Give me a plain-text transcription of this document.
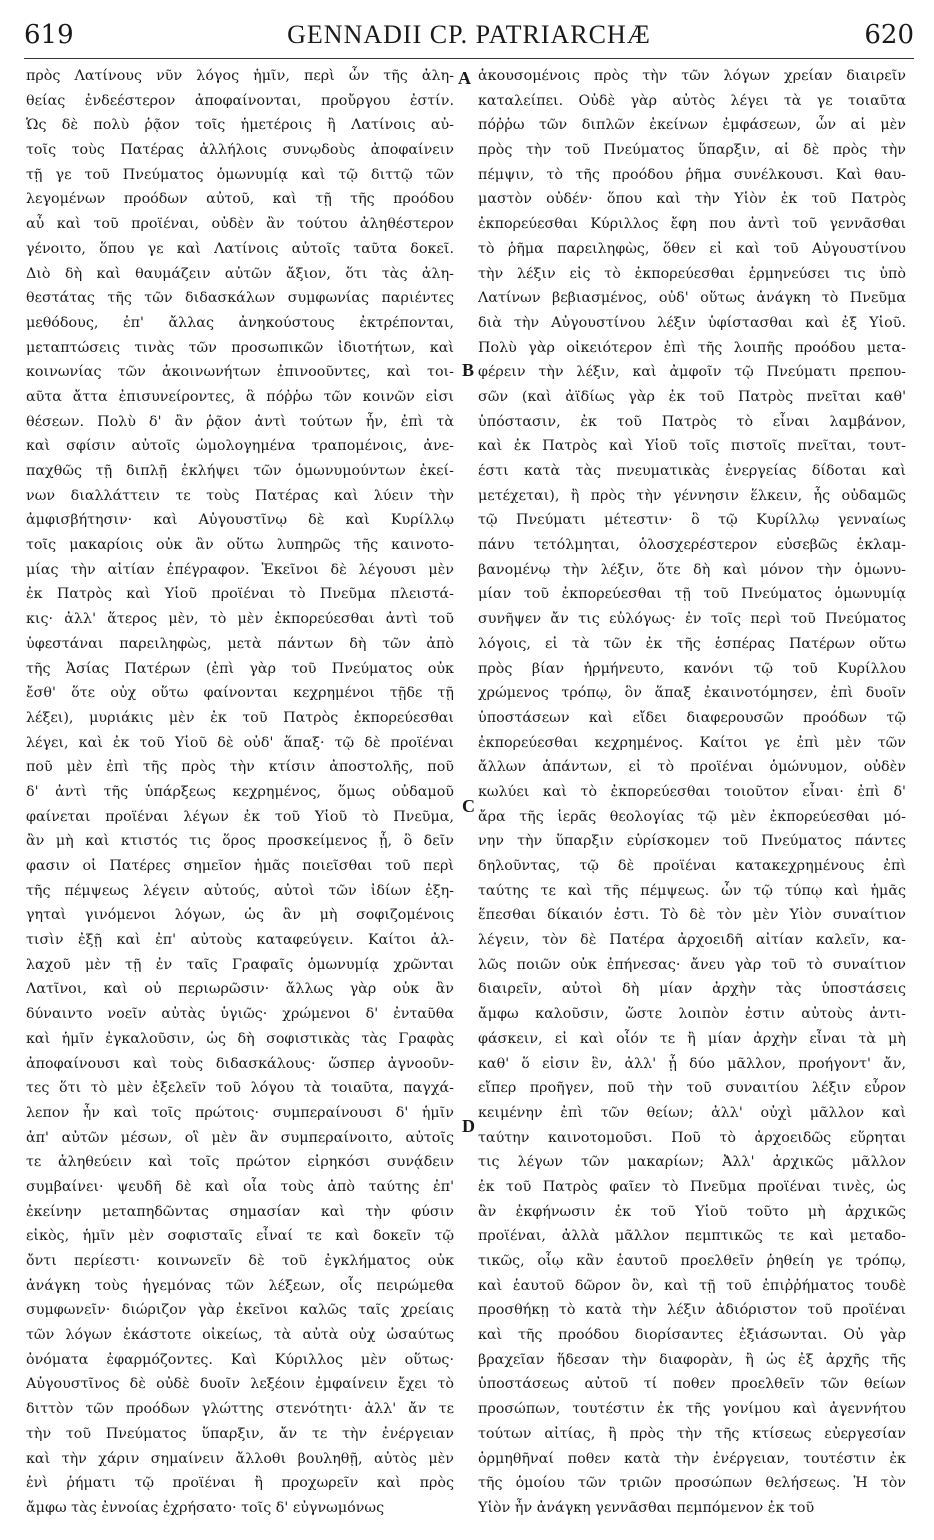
619	GENNADII CP. PATRIARCHÆ	620
πρὸς Λατίνους νῦν λόγος ἡμῖν, περὶ ὧν τῆς ἀλη-
θείας ἐνδεέστερον ἀποφαίνονται, προὔργου ἐστίν.
Ὡς δὲ πολὺ ῥᾷον τοῖς ἡμετέροις ἢ Λατίνοις αὐ-
τοῖς τοὺς Πατέρας ἀλλήλοις συνῳδοὺς ἀποφαίνειν
τῇ γε τοῦ Πνεύματος ὁμωνυμίᾳ καὶ τῷ διττῷ τῶν
λεγομένων προόδων αὐτοῦ, καὶ τῇ τῆς προόδου
αὖ καὶ τοῦ προϊέναι, οὐδὲν ἂν τούτου ἀληθέστερον
γένοιτο, ὅπου γε καὶ Λατίνοις αὐτοῖς ταῦτα δοκεῖ.
Διὸ δὴ καὶ θαυμάζειν αὐτῶν ἄξιον, ὅτι τὰς ἀλη-
θεστάτας τῆς τῶν διδασκάλων συμφωνίας παριέντες
μεθόδους, ἐπ' ἄλλας ἀνηκούστους ἐκτρέπονται,
μεταπτώσεις τινὰς τῶν προσωπικῶν ἰδιοτήτων, καὶ
κοινωνίας τῶν ἀκοινωνήτων ἐπινοοῦντες, καὶ τοι-
αῦτα ἄττα ἐπισυνείροντες, ἃ πόῤῥω τῶν κοινῶν εἰσι
θέσεων. Πολὺ δ' ἂν ῥᾷον ἀντὶ τούτων ἦν, ἐπὶ τὰ
καὶ σφίσιν αὐτοῖς ὡμολογημένα τραπομένοις, ἀνε-
παχθῶς τῇ διπλῇ ἐκλήψει τῶν ὁμωνυμούντων ἐκεί-
νων διαλλάττειν τε τοὺς Πατέρας καὶ λύειν τὴν
ἀμφισβήτησιν· καὶ Αὐγουστῖνῳ δὲ καὶ Κυρίλλῳ
τοῖς μακαρίοις οὐκ ἂν οὕτω λυπηρῶς τῆς καινοτο-
μίας τὴν αἰτίαν ἐπέγραφον. Ἐκεῖνοι δὲ λέγουσι μὲν
ἐκ Πατρὸς καὶ Υἱοῦ προϊέναι τὸ Πνεῦμα πλειστά-
κις· ἀλλ' ἅτερος μὲν, τὸ μὲν ἐκπορεύεσθαι ἀντὶ τοῦ
ὑφεστάναι παρειληφὼς, μετὰ πάντων δὴ τῶν ἀπὸ
τῆς Ἀσίας Πατέρων (ἐπὶ γὰρ τοῦ Πνεύματος οὐκ
ἔσθ' ὅτε οὐχ οὕτω φαίνονται κεχρημένοι τῇδε τῇ
λέξει), μυριάκις μὲν ἐκ τοῦ Πατρὸς ἐκπορεύεσθαι
λέγει, καὶ ἐκ τοῦ Υἱοῦ δὲ οὐδ' ἅπαξ· τῷ δὲ προϊέναι
ποῦ μὲν ἐπὶ τῆς πρὸς τὴν κτίσιν ἀποστολῆς, ποῦ
δ' ἀντὶ τῆς ὑπάρξεως κεχρημένος, ὅμως οὐδαμοῦ
φαίνεται προϊέναι λέγων ἐκ τοῦ Υἱοῦ τὸ Πνεῦμα,
ἂν μὴ καὶ κτιστός τις ὅρος προσκείμενος ᾖ, ὃ δεῖν
φασιν οἱ Πατέρες σημεῖον ἡμᾶς ποιεῖσθαι τοῦ περὶ
τῆς πέμψεως λέγειν αὐτούς, αὐτοὶ τῶν ἰδίων ἐξη-
γηταὶ γινόμενοι λόγων, ὡς ἂν μὴ σοφιζομένοις
τισὶν ἐξῇ καὶ ἐπ' αὐτοὺς καταφεύγειν. Καίτοι ἀλ-
λαχοῦ μὲν τῇ ἐν ταῖς Γραφαῖς ὁμωνυμίᾳ χρῶνται
Λατῖνοι, καὶ οὐ περιωρῶσιν· ἄλλως γὰρ οὐκ ἂν
δύναιντο νοεῖν αὐτὰς ὑγιῶς· χρώμενοι δ' ἐνταῦθα
καὶ ἡμῖν ἐγκαλοῦσιν, ὡς δὴ σοφιστικὰς τὰς Γραφὰς
ἀποφαίνουσι καὶ τοὺς διδασκάλους· ὥσπερ ἀγνοοῦν-
τες ὅτι τὸ μὲν ἐξελεῖν τοῦ λόγου τὰ τοιαῦτα, παγχά-
λεπον ἦν καὶ τοῖς πρώτοις· συμπεραίνουσι δ' ἡμῖν
ἀπ' αὐτῶν μέσων, οἳ μὲν ἂν συμπεραίνοιτο, αὐτοῖς
τε ἀληθεύειν καὶ τοῖς πρώτον εἰρηκόσι συνᾴδειν
συμβαίνει· ψευδῆ δὲ καὶ οἷα τοὺς ἀπὸ ταύτης ἐπ'
ἐκείνην μεταπηδῶντας σημασίαν καὶ τὴν φύσιν
εἰκὸς, ἡμῖν μὲν σοφισταῖς εἶναί τε καὶ δοκεῖν τῷ
ὄντι περίεστι· κοινωνεῖν δὲ τοῦ ἐγκλήματος οὐκ
ἀνάγκη τοὺς ἡγεμόνας τῶν λέξεων, οἷς πειρώμεθα
συμφωνεῖν· διώριζον γὰρ ἐκεῖνοι καλῶς ταῖς χρείαις
τῶν λόγων ἑκάστοτε οἰκείως, τὰ αὐτὰ οὐχ ὡσαύτως
ὀνόματα ἐφαρμόζοντες. Καὶ Κύριλλος μὲν οὕτως·
Αὐγουστῖνος δὲ οὐδὲ δυοῖν λεξέοιν ἐμφαίνειν ἔχει τὸ
διττὸν τῶν προόδων γλώττης στενότητι· ἀλλ' ἄν τε
τὴν τοῦ Πνεύματος ὕπαρξιν, ἄν τε τὴν ἐνέργειαν
καὶ τὴν χάριν σημαίνειν ἄλλοθι βουληθῇ, αὐτὸς μὲν
ἑνὶ ῥήματι τῷ προϊέναι ἢ προχωρεῖν καὶ πρὸς
ἄμφω τὰς ἐννοίας ἐχρήσατο· τοῖς δ' εὐγνωμόνως
ἀκουσομένοις πρὸς τὴν τῶν λόγων χρείαν διαιρεῖν
καταλείπει. Οὐδὲ γὰρ αὐτὸς λέγει τὰ γε τοιαῦτα
πόῤῥω τῶν διπλῶν ἐκείνων ἐμφάσεων, ὧν αἱ μὲν
πρὸς τὴν τοῦ Πνεύματος ὕπαρξιν, αἱ δὲ πρὸς τὴν
πέμψιν, τὸ τῆς προόδου ῥῆμα συνέλκουσι. Καὶ θαυ-
μαστὸν οὐδέν· ὅπου καὶ τὴν Υἱὸν ἐκ τοῦ Πατρὸς
ἐκπορεύεσθαι Κύριλλος ἔφη που ἀντὶ τοῦ γεννᾶσθαι
τὸ ῥῆμα παρειληφὼς, ὅθεν εἰ καὶ τοῦ Αὐγουστίνου
τὴν λέξιν εἰς τὸ ἐκπορεύεσθαι ἑρμηνεύσει τις ὑπὸ
Λατίνων βεβιασμένος, οὐδ' οὕτως ἀνάγκη τὸ Πνεῦμα
διὰ τὴν Αὐγουστίνου λέξιν ὑφίστασθαι καὶ ἐξ Υἱοῦ.
Πολὺ γὰρ οἰκειότερον ἐπὶ τῆς λοιπῆς προόδου μετα-
φέρειν τὴν λέξιν, καὶ ἀμφοῖν τῷ Πνεύματι πρεπου-
σῶν (καὶ ἀϊδίως γὰρ ἐκ τοῦ Πατρὸς πνεῖται καθ'
ὑπόστασιν, ἐκ τοῦ Πατρὸς τὸ εἶναι λαμβάνον,
καὶ ἐκ Πατρὸς καὶ Υἱοῦ τοῖς πιστοῖς πνεῖται, τουτ-
έστι κατὰ τὰς πνευματικὰς ἐνεργείας δίδοται καὶ
μετέχεται), ἢ πρὸς τὴν γέννησιν ἕλκειν, ἧς οὐδαμῶς
τῷ Πνεύματι μέτεστιν· ὃ τῷ Κυρίλλῳ γενναίως
πάνυ τετόλμηται, ὁλοσχερέστερον εὐσεβῶς ἐκλαμ-
βανομένῳ τὴν λέξιν, ὅτε δὴ καὶ μόνον τὴν ὁμωνυ-
μίαν τοῦ ἐκπορεύεσθαι τῇ τοῦ Πνεύματος ὁμωνυμίᾳ
συνῆψεν ἄν τις εὐλόγως· ἐν τοῖς περὶ τοῦ Πνεύματος
λόγοις, εἰ τὰ τῶν ἐκ τῆς ἑσπέρας Πατέρων οὕτω
πρὸς βίαν ἡρμήνευτο, κανόνι τῷ τοῦ Κυρίλλου
χρώμενος τρόπῳ, ὃν ἅπαξ ἐκαινοτόμησεν, ἐπὶ δυοῖν
ὑποστάσεων καὶ εἴδει διαφερουσῶν προόδων τῷ
ἐκπορεύεσθαι κεχρημένος. Καίτοι γε ἐπὶ μὲν τῶν
ἄλλων ἁπάντων, εἰ τὸ προϊέναι ὁμώνυμον, οὐδὲν
κωλύει καὶ τὸ ἐκπορεύεσθαι τοιοῦτον εἶναι· ἐπὶ δ'
ἄρα τῆς ἱερᾶς θεολογίας τῷ μὲν ἐκπορεύεσθαι μό-
νην τὴν ὕπαρξιν εὑρίσκομεν τοῦ Πνεύματος πάντες
δηλοῦντας, τῷ δὲ προϊέναι κατακεχρημένους ἐπὶ
ταύτης τε καὶ τῆς πέμψεως. ὧν τῷ τύπῳ καὶ ἡμᾶς
ἕπεσθαι δίκαιόν ἐστι. Τὸ δὲ τὸν μὲν Υἱὸν συναίτιον
λέγειν, τὸν δὲ Πατέρα ἀρχοειδῆ αἰτίαν καλεῖν, κα-
λῶς ποιῶν οὐκ ἐπήνεσας· ἄνευ γὰρ τοῦ τὸ συναίτιον
διαιρεῖν, αὐτοὶ δὴ μίαν ἀρχὴν τὰς ὑποστάσεις
ἄμφω καλοῦσιν, ὥστε λοιπὸν ἐστιν αὐτοὺς ἀντι-
φάσκειν, εἰ καὶ οἷόν τε ἢ μίαν ἀρχὴν εἶναι τὰ μὴ
καθ' ὅ εἰσιν ἓν, ἀλλ' ᾗ δύο μᾶλλον, προήγοντ' ἄν,
εἴπερ προῆγεν, ποῦ τὴν τοῦ συναιτίου λέξιν εὗρον
κειμένην ἐπὶ τῶν θείων; ἀλλ' οὐχὶ μᾶλλον καὶ
ταύτην καινοτομοῦσι. Ποῦ τὸ ἀρχοειδῶς εὕρηται
τις λέγων τῶν μακαρίων; Ἀλλ' ἀρχικῶς μᾶλλον
ἐκ τοῦ Πατρὸς φαῖεν τὸ Πνεῦμα προϊέναι τινὲς, ὡς
ἂν ἐκφήνωσιν ἐκ τοῦ Υἱοῦ τοῦτο μὴ ἀρχικῶς
προϊέναι, ἀλλὰ μᾶλλον πεμπτικῶς τε καὶ μεταδο-
τικῶς, οἷῳ κἂν ἑαυτοῦ προελθεῖν ῥηθείη γε τρόπῳ,
καὶ ἑαυτοῦ δῶρον ὂν, καὶ τῇ τοῦ ἐπιῤῥήματος τουδὲ
προσθήκῃ τὸ κατὰ τὴν λέξιν ἀδιόριστον τοῦ προϊέναι
καὶ τῆς προόδου διορίσαντες ἐξιάσωνται. Οὐ γὰρ
βραχεῖαν ἥδεσαν τὴν διαφορὰν, ἢ ὡς ἐξ ἀρχῆς τῆς
ὑποστάσεως αὐτοῦ τί ποθεν προελθεῖν τῶν θείων
προσώπων, τουτέστιν ἐκ τῆς γονίμου καὶ ἀγεννήτου
τούτων αἰτίας, ἢ πρὸς τὴν τῆς κτίσεως εὐεργεσίαν
ὁρμηθῆναί ποθεν κατὰ τὴν ἐνέργειαν, τουτέστιν ἐκ
τῆς ὁμοίου τῶν τριῶν προσώπων θελήσεως. Ἡ τὸν
Υἱὸν ἦν ἀνάγκη γεννᾶσθαι πεμπόμενον ἐκ τοῦ
A
B
C
D
